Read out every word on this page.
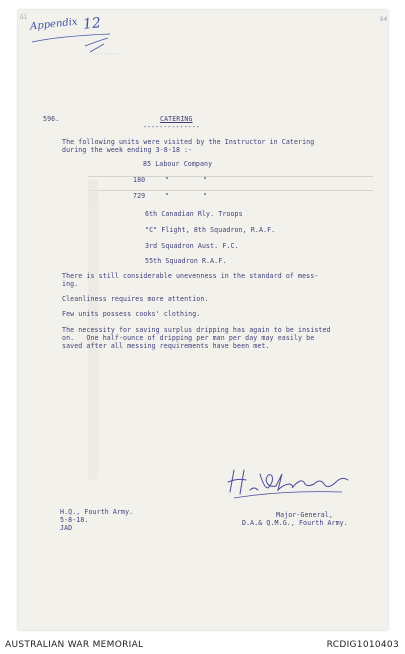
G1	64
Appendix 12
........
596.	CATERING
--------------
The following units were visited by the Instructor in Catering
during the week ending 3-8-18 :-
85 Labour Company
180	"	"
729	"	"
6th Canadian Rly. Troops
"C" Flight, 8th Squadron, R.A.F.
3rd Squadron Aust. F.C.
55th Squadron R.A.F.
There is still considerable unevenness in the standard of mess-
ing.
Cleanliness requires more attention.
Few units possess cooks' clothing.
The necessity for saving surplus dripping has again to be insisted
on.   One half-ounce of dripping per man per day may easily be
saved after all messing requirements have been met.
H.Q., Fourth Army.
5-8-18.
JAD
Major-General,
D.A.& Q.M.G., Fourth Army.
AUSTRALIAN WAR MEMORIAL	RCDIG1010403
